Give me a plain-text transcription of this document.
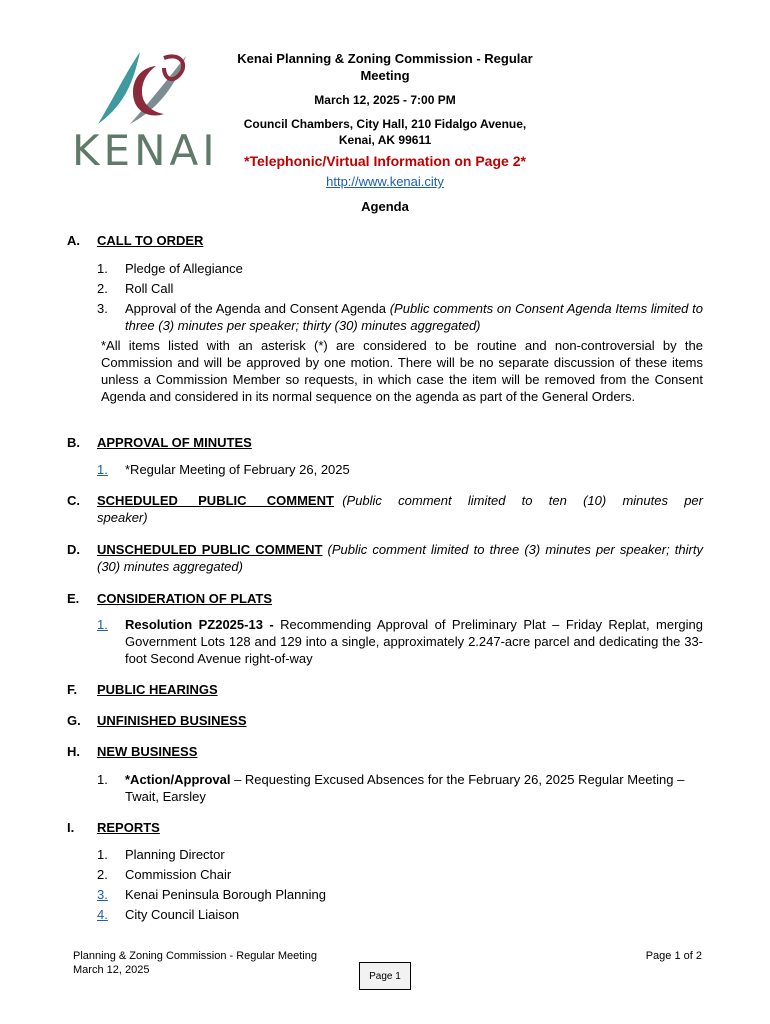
KENAI
Kenai Planning & Zoning Commission - Regular
Meeting
March 12, 2025 - 7:00 PM
Council Chambers, City Hall, 210 Fidalgo Avenue,
Kenai, AK 99611
*Telephonic/Virtual Information on Page 2*
http://www.kenai.city
Agenda
A.	CALL TO ORDER
1.	Pledge of Allegiance
2.	Roll Call
3.	Approval of the Agenda and Consent Agenda (Public comments on Consent Agenda Items limited to three (3) minutes per speaker; thirty (30) minutes aggregated)
*All items listed with an asterisk (*) are considered to be routine and non-controversial by the Commission and will be approved by one motion. There will be no separate discussion of these items unless a Commission Member so requests, in which case the item will be removed from the Consent Agenda and considered in its normal sequence on the agenda as part of the General Orders.
B.	APPROVAL OF MINUTES
1.	*Regular Meeting of February 26, 2025
C.	SCHEDULED PUBLIC COMMENT (Public comment limited to ten (10) minutes per speaker)
D.	UNSCHEDULED PUBLIC COMMENT (Public comment limited to three (3) minutes per speaker; thirty (30) minutes aggregated)
E.	CONSIDERATION OF PLATS
1.	Resolution PZ2025-13 - Recommending Approval of Preliminary Plat – Friday Replat, merging Government Lots 128 and 129 into a single, approximately 2.247-acre parcel and dedicating the 33-foot Second Avenue right-of-way
F.	PUBLIC HEARINGS
G.	UNFINISHED BUSINESS
H.	NEW BUSINESS
1.	*Action/Approval – Requesting Excused Absences for the February 26, 2025 Regular Meeting – Twait, Earsley
I.	REPORTS
1.	Planning Director
2.	Commission Chair
3.	Kenai Peninsula Borough Planning
4.	City Council Liaison
Planning & Zoning Commission - Regular Meeting
March 12, 2025
Page 1 of 2
Page 1
